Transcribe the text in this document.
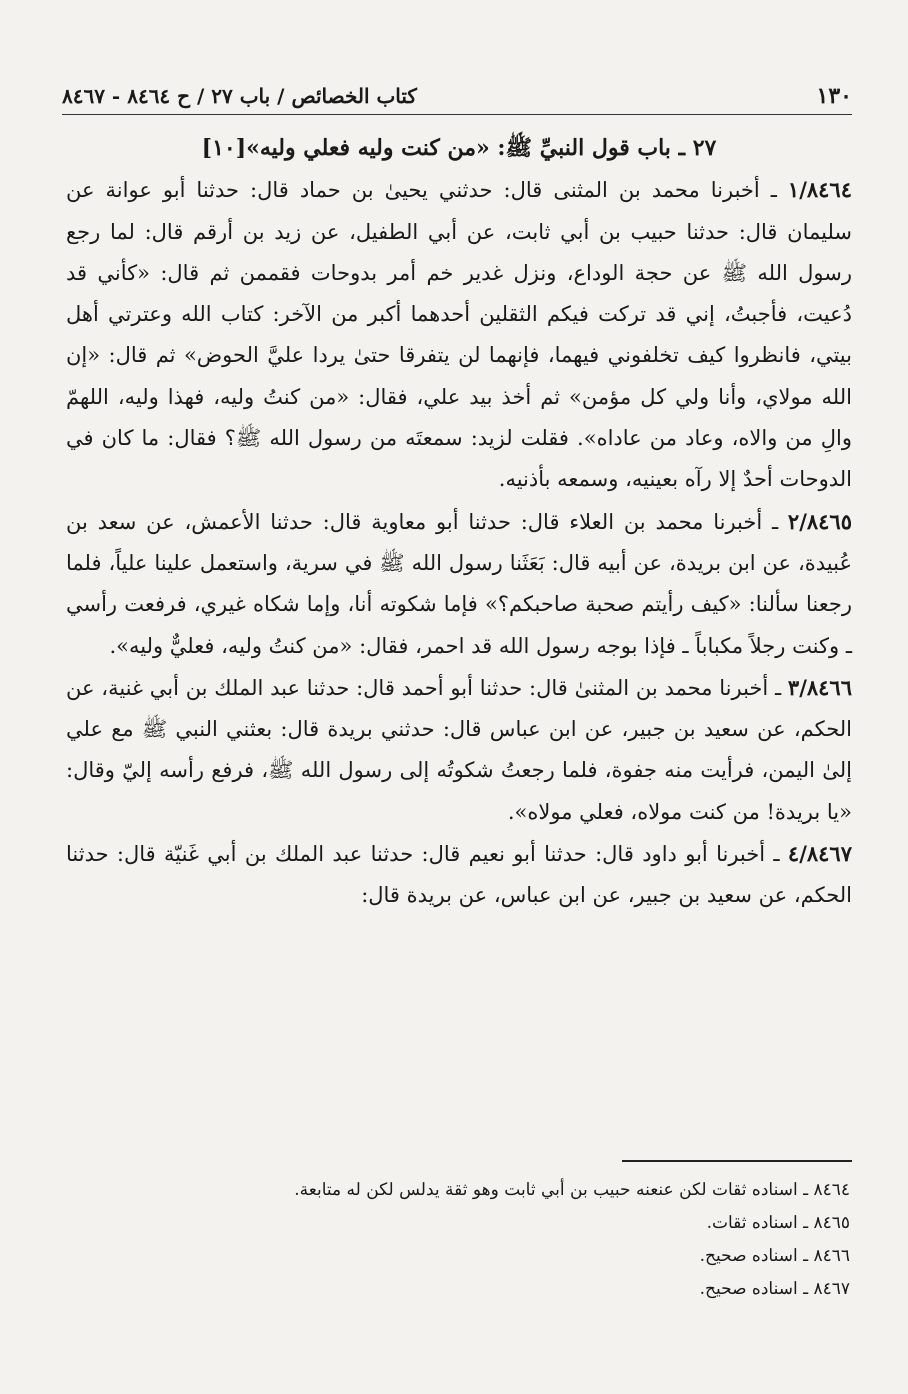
١٣٠
كتاب الخصائص / باب ٢٧ / ح ٨٤٦٤ - ٨٤٦٧

٢٧ ـ باب قول النبيِّ ﷺ: «من كنت وليه فعلي وليه»[١٠]

١/٨٤٦٤ ـ أخبرنا محمد بن المثنى قال: حدثني يحيىٰ بن حماد قال: حدثنا أبو عوانة عن سليمان قال: حدثنا حبيب بن أبي ثابت، عن أبي الطفيل، عن زيد بن أرقم قال: لما رجع رسول الله ﷺ عن حجة الوداع، ونزل غدير خم أمر بدوحات فقممن ثم قال: «كأني قد دُعيت، فأجبتُ، إني قد تركت فيكم الثقلين أحدهما أكبر من الآخر: كتاب الله وعترتي أهل بيتي، فانظروا كيف تخلفوني فيهما، فإنهما لن يتفرقا حتىٰ يردا عليَّ الحوض» ثم قال: «إن الله مولاي، وأنا ولي كل مؤمن» ثم أخذ بيد علي، فقال: «من كنتُ وليه، فهذا وليه، اللهمّ والِ من والاه، وعاد من عاداه». فقلت لزيد: سمعتَه من رسول الله ﷺ؟ فقال: ما كان في الدوحات أحدٌ إلا رآه بعينيه، وسمعه بأذنيه.

٢/٨٤٦٥ ـ أخبرنا محمد بن العلاء قال: حدثنا أبو معاوية قال: حدثنا الأعمش، عن سعد بن عُبيدة، عن ابن بريدة، عن أبيه قال: بَعَثَنا رسول الله ﷺ في سرية، واستعمل علينا علياً، فلما رجعنا سألنا: «كيف رأيتم صحبة صاحبكم؟» فإما شكوته أنا، وإما شكاه غيري، فرفعت رأسي ـ وكنت رجلاً مكباباً ـ فإذا بوجه رسول الله قد احمر، فقال: «من كنتُ وليه، فعليٌّ وليه».

٣/٨٤٦٦ ـ أخبرنا محمد بن المثنىٰ قال: حدثنا أبو أحمد قال: حدثنا عبد الملك بن أبي غنية، عن الحكم، عن سعيد بن جبير، عن ابن عباس قال: حدثني بريدة قال: بعثني النبي ﷺ مع علي إلىٰ اليمن، فرأيت منه جفوة، فلما رجعتُ شكوتُه إلى رسول الله ﷺ، فرفع رأسه إليّ وقال: «يا بريدة! من كنت مولاه، فعلي مولاه».

٤/٨٤٦٧ ـ أخبرنا أبو داود قال: حدثنا أبو نعيم قال: حدثنا عبد الملك بن أبي غَنيّة قال: حدثنا الحكم، عن سعيد بن جبير، عن ابن عباس، عن بريدة قال:

٨٤٦٤ ـ اسناده ثقات لكن عنعنه حبيب بن أبي ثابت وهو ثقة يدلس لكن له متابعة.

٨٤٦٥ ـ اسناده ثقات.

٨٤٦٦ ـ اسناده صحيح.

٨٤٦٧ ـ اسناده صحيح.
